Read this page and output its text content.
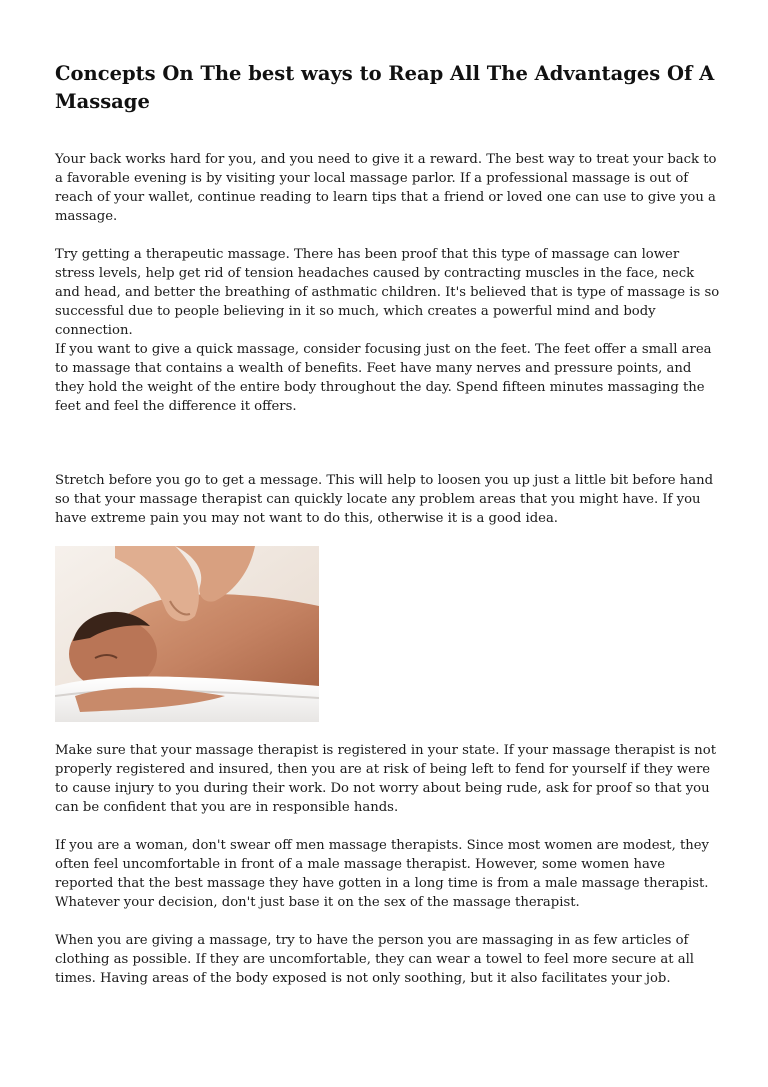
Concepts On The best ways to Reap All The Advantages Of A Massage

Your back works hard for you, and you need to give it a reward. The best way to treat your back to a favorable evening is by visiting your local massage parlor. If a professional massage is out of reach of your wallet, continue reading to learn tips that a friend or loved one can use to give you a massage.

Try getting a therapeutic massage. There has been proof that this type of massage can lower stress levels, help get rid of tension headaches caused by contracting muscles in the face, neck and head, and better the breathing of asthmatic children. It's believed that is type of massage is so successful due to people believing in it so much, which creates a powerful mind and body connection.

If you want to give a quick massage, consider focusing just on the feet. The feet offer a small area to massage that contains a wealth of benefits. Feet have many nerves and pressure points, and they hold the weight of the entire body throughout the day. Spend fifteen minutes massaging the feet and feel the difference it offers.

Stretch before you go to get a message. This will help to loosen you up just a little bit before hand so that your massage therapist can quickly locate any problem areas that you might have. If you have extreme pain you may not want to do this, otherwise it is a good idea.

Make sure that your massage therapist is registered in your state. If your massage therapist is not properly registered and insured, then you are at risk of being left to fend for yourself if they were to cause injury to you during their work. Do not worry about being rude, ask for proof so that you can be confident that you are in responsible hands.

If you are a woman, don't swear off men massage therapists. Since most women are modest, they often feel uncomfortable in front of a male massage therapist. However, some women have reported that the best massage they have gotten in a long time is from a male massage therapist. Whatever your decision, don't just base it on the sex of the massage therapist.

When you are giving a massage, try to have the person you are massaging in as few articles of clothing as possible. If they are uncomfortable, they can wear a towel to feel more secure at all times. Having areas of the body exposed is not only soothing, but it also facilitates your job.
